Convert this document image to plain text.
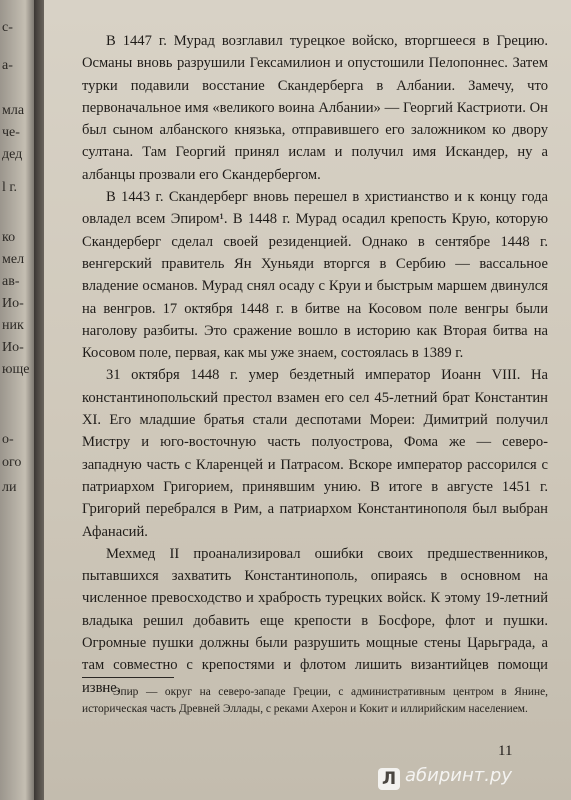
с-
а-
мла
че-
дед
l г.
ко
мел
ав-
Ио-
ник
Ио-
юще
о-
ого
ли

В 1447 г. Мурад возглавил турецкое войско, вторгшееся в Грецию. Османы вновь разрушили Гексамилион и опустошили Пелопоннес. Затем турки подавили восстание Скандерберга в Албании. Замечу, что первоначальное имя «великого воина Албании» — Георгий Кастриоти. Он был сыном албанского князька, отправившего его заложником ко двору султана. Там Георгий принял ислам и получил имя Искандер, ну а албанцы прозвали его Скандербергом.

В 1443 г. Скандерберг вновь перешел в христианство и к концу года овладел всем Эпиром¹. В 1448 г. Мурад осадил крепость Крую, которую Скандерберг сделал своей резиденцией. Однако в сентябре 1448 г. венгерский правитель Ян Хуньяди вторгся в Сербию — вассальное владение османов. Мурад снял осаду с Круи и быстрым маршем двинулся на венгров. 17 октября 1448 г. в битве на Косовом поле венгры были наголову разбиты. Это сражение вошло в историю как Вторая битва на Косовом поле, первая, как мы уже знаем, состоялась в 1389 г.

31 октября 1448 г. умер бездетный император Иоанн VIII. На константинопольский престол взамен его сел 45-летний брат Константин XI. Его младшие братья стали деспотами Мореи: Димитрий получил Мистру и юго-восточную часть полуострова, Фома же — северо-западную часть с Кларенцей и Патрасом. Вскоре император рассорился с патриархом Григорием, принявшим унию. В итоге в августе 1451 г. Григорий перебрался в Рим, а патриархом Константинополя был выбран Афанасий.

Мехмед II проанализировал ошибки своих предшественников, пытавшихся захватить Константинополь, опираясь в основном на численное превосходство и храбрость турецких войск. К этому 19-летний владыка решил добавить еще крепости в Босфоре, флот и пушки. Огромные пушки должны были разрушить мощные стены Царьграда, а там совместно с крепостями и флотом лишить византийцев помощи извне.

¹ Эпир — округ на северо-западе Греции, с административным центром в Янине, историческая часть Древней Эллады, с реками Ахерон и Кокит и иллирийским населением.
11
Л абиринт.ру
